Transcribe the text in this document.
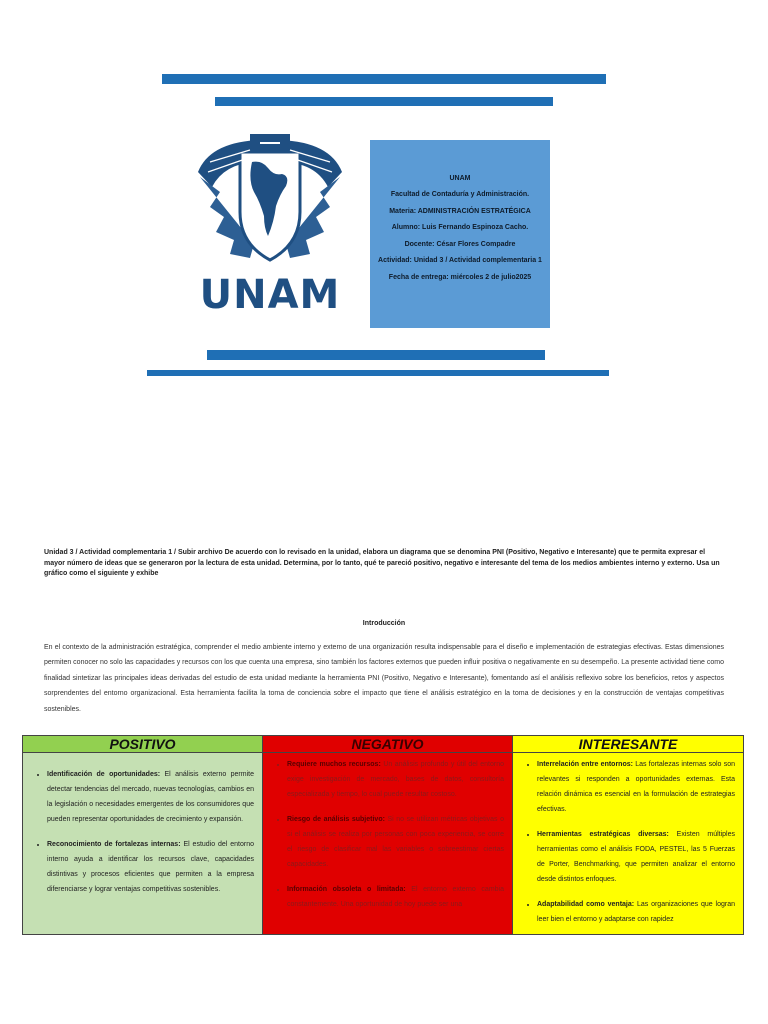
UNAM
UNAM
Facultad de Contaduría y Administración.
Materia: ADMINISTRACIÓN ESTRATÉGICA
Alumno: Luis Fernando Espinoza Cacho.
Docente: César Flores Compadre
Actividad: Unidad 3 / Actividad complementaria 1
Fecha de entrega: miércoles 2 de julio2025
Unidad 3 / Actividad complementaria 1 / Subir archivo De acuerdo con lo revisado en la unidad, elabora un diagrama que se denomina PNI (Positivo, Negativo e Interesante) que te permita expresar el mayor número de ideas que se generaron por la lectura de esta unidad. Determina, por lo tanto, qué te pareció positivo, negativo e interesante del tema de los medios ambientes interno y externo. Usa un gráfico como el siguiente y exhibe
Introducción
En el contexto de la administración estratégica, comprender el medio ambiente interno y externo de una organización resulta indispensable para el diseño e implementación de estrategias efectivas. Estas dimensiones permiten conocer no solo las capacidades y recursos con los que cuenta una empresa, sino también los factores externos que pueden influir positiva o negativamente en su desempeño. La presente actividad tiene como finalidad sintetizar las principales ideas derivadas del estudio de esta unidad mediante la herramienta PNI (Positivo, Negativo e Interesante), fomentando así el análisis reflexivo sobre los beneficios, retos y aspectos sorprendentes del entorno organizacional. Esta herramienta facilita la toma de conciencia sobre el impacto que tiene el análisis estratégico en la toma de decisiones y en la construcción de ventajas competitivas sostenibles.
POSITIVO
• Identificación de oportunidades: El análisis externo permite detectar tendencias del mercado, nuevas tecnologías, cambios en la legislación o necesidades emergentes de los consumidores que pueden representar oportunidades de crecimiento y expansión.
• Reconocimiento de fortalezas internas: El estudio del entorno interno ayuda a identificar los recursos clave, capacidades distintivas y procesos eficientes que permiten a la empresa diferenciarse y lograr ventajas competitivas sostenibles.
NEGATIVO
• Requiere muchos recursos: Un análisis profundo y útil del entorno exige investigación de mercado, bases de datos, consultoría especializada y tiempo, lo cual puede resultar costoso.
• Riesgo de análisis subjetivo: Si no se utilizan métricas objetivas o si el análisis se realiza por personas con poca experiencia, se corre el riesgo de clasificar mal las variables o sobreestimar ciertas capacidades.
• Información obsoleta o limitada: El entorno externo cambia constantemente. Una oportunidad de hoy puede ser una
INTERESANTE
• Interrelación entre entornos: Las fortalezas internas solo son relevantes si responden a oportunidades externas. Esta relación dinámica es esencial en la formulación de estrategias efectivas.
• Herramientas estratégicas diversas: Existen múltiples herramientas como el análisis FODA, PESTEL, las 5 Fuerzas de Porter, Benchmarking, que permiten analizar el entorno desde distintos enfoques.
• Adaptabilidad como ventaja: Las organizaciones que logran leer bien el entorno y adaptarse con rapidez
